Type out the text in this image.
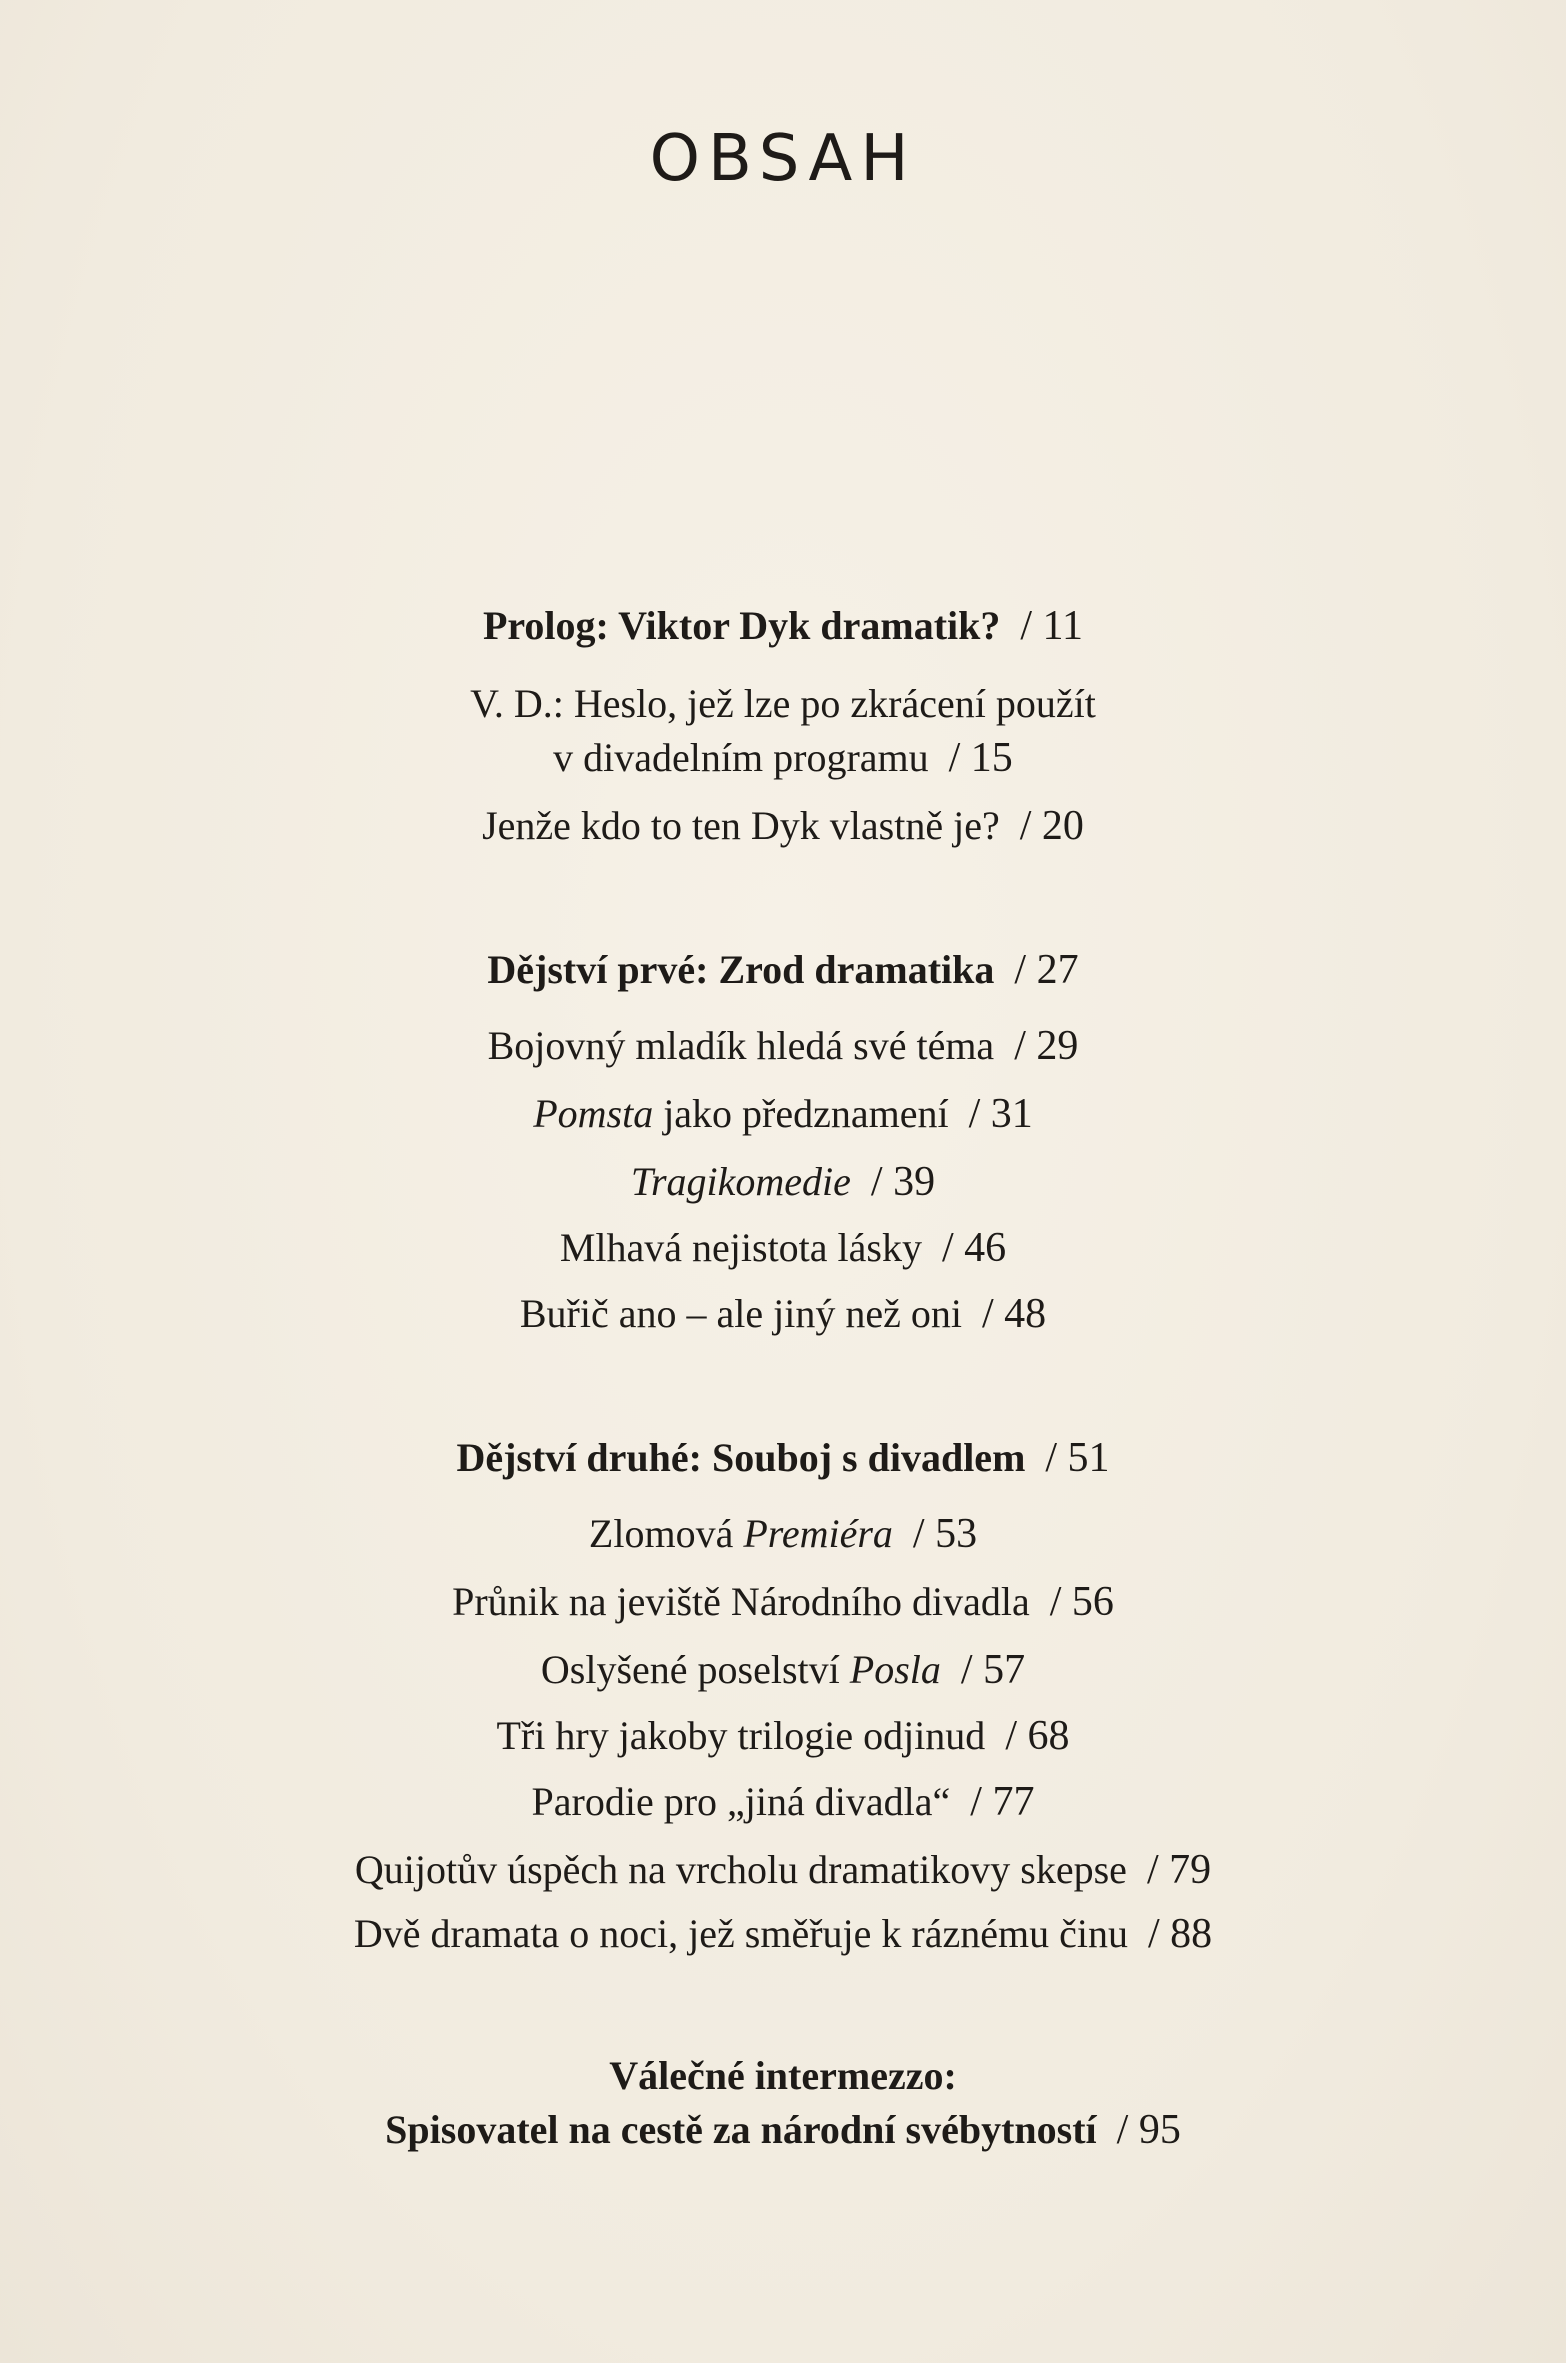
OBSAH
Prolog: Viktor Dyk dramatik? / 11
V. D.: Heslo, jež lze po zkrácení použít
v divadelním programu / 15
Jenže kdo to ten Dyk vlastně je? / 20
Dějství prvé: Zrod dramatika / 27
Bojovný mladík hledá své téma / 29
Pomsta jako předznamení / 31
Tragikomedie / 39
Mlhavá nejistota lásky / 46
Buřič ano – ale jiný než oni / 48
Dějství druhé: Souboj s divadlem / 51
Zlomová Premiéra / 53
Průnik na jeviště Národního divadla / 56
Oslyšené poselství Posla / 57
Tři hry jakoby trilogie odjinud / 68
Parodie pro „jiná divadla“ / 77
Quijotův úspěch na vrcholu dramatikovy skepse / 79
Dvě dramata o noci, jež směřuje k ráznému činu / 88
Válečné intermezzo:
Spisovatel na cestě za národní svébytností / 95
